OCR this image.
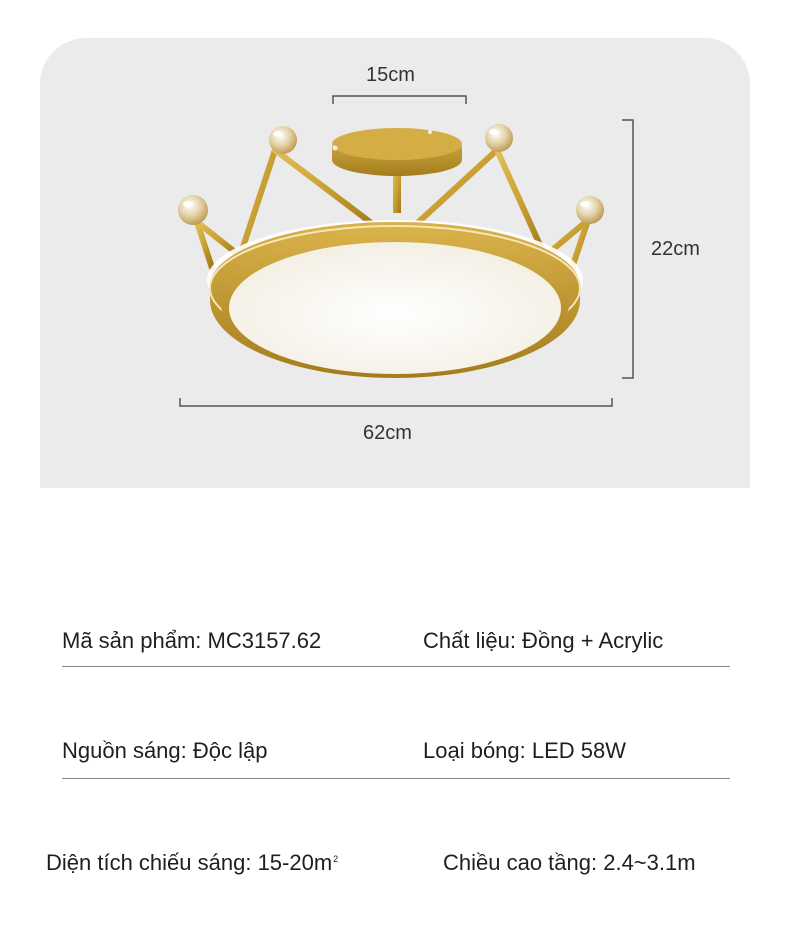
15cm
22cm
62cm
Mã sản phẩm: MC3157.62	Chất liệu: Đồng + Acrylic
Nguồn sáng: Độc lập	Loại bóng: LED 58W
Diện tích chiếu sáng: $15-20m^2$	Chiều cao tầng: 2.4~3.1m
